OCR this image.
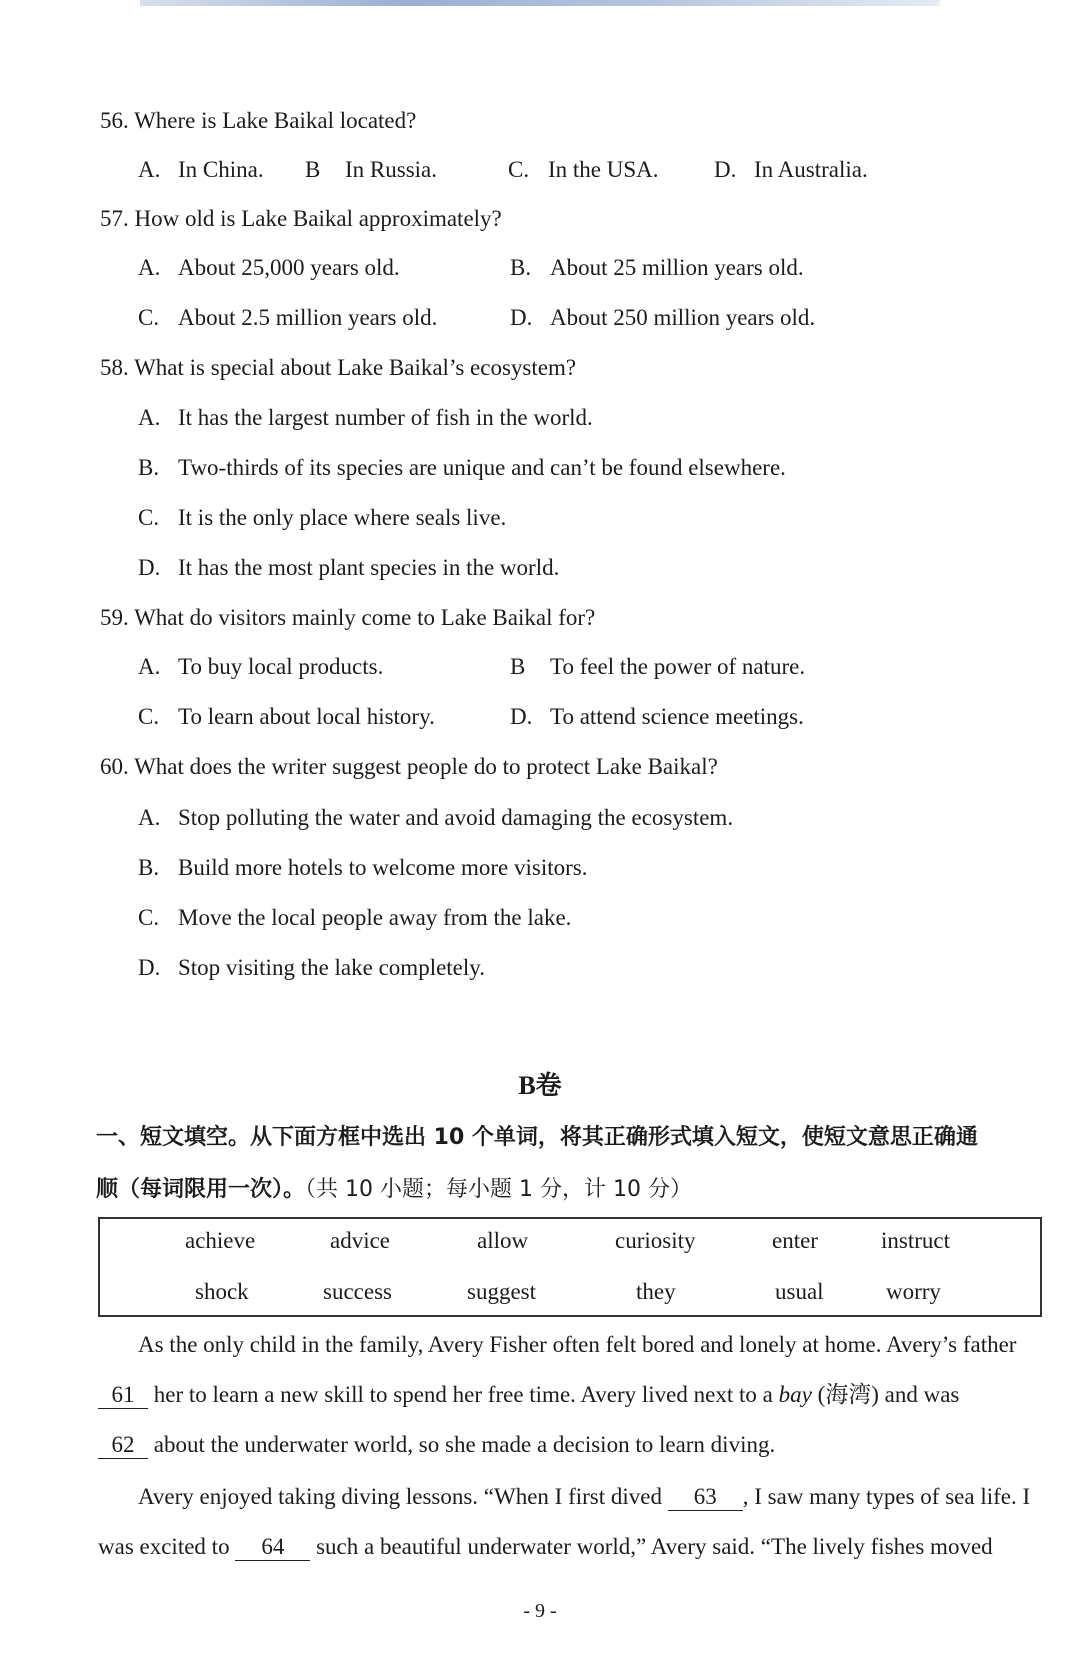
56. Where is Lake Baikal located?
A. In China. B In Russia.	C. In the USA. D. In Australia.
57. How old is Lake Baikal approximately?
A. About 25,000 years old.	B. About 25 million years old.
C. About 2.5 million years old.	D. About 250 million years old.
58. What is special about Lake Baikal’s ecosystem?
A. It has the largest number of fish in the world.
B. Two-thirds of its species are unique and can’t be found elsewhere.
C. It is the only place where seals live.
D. It has the most plant species in the world.
59. What do visitors mainly come to Lake Baikal for?
A. To buy local products.	B To feel the power of nature.
C. To learn about local history.	D. To attend science meetings.
60. What does the writer suggest people do to protect Lake Baikal?
A. Stop polluting the water and avoid damaging the ecosystem.
B. Build more hotels to welcome more visitors.
C. Move the local people away from the lake.
D. Stop visiting the lake completely.
B卷
一、短文填空。从下面方框中选出 10 个单词，将其正确形式填入短文，使短文意思正确通
顺（每词限用一次）。（共 10 小题；每小题 1 分，计 10 分）
achieve	advice	allow	curiosity	enter	instruct
shock	success	suggest	they	usual	worry
As the only child in the family, Avery Fisher often felt bored and lonely at home. Avery’s father
61 her to learn a new skill to spend her free time. Avery lived next to a bay (海湾) and was
62 about the underwater world, so she made a decision to learn diving.
Avery enjoyed taking diving lessons. “When I first dived 63 , I saw many types of sea life. I
was excited to 64 such a beautiful underwater world,” Avery said. “The lively fishes moved
- 9 -
